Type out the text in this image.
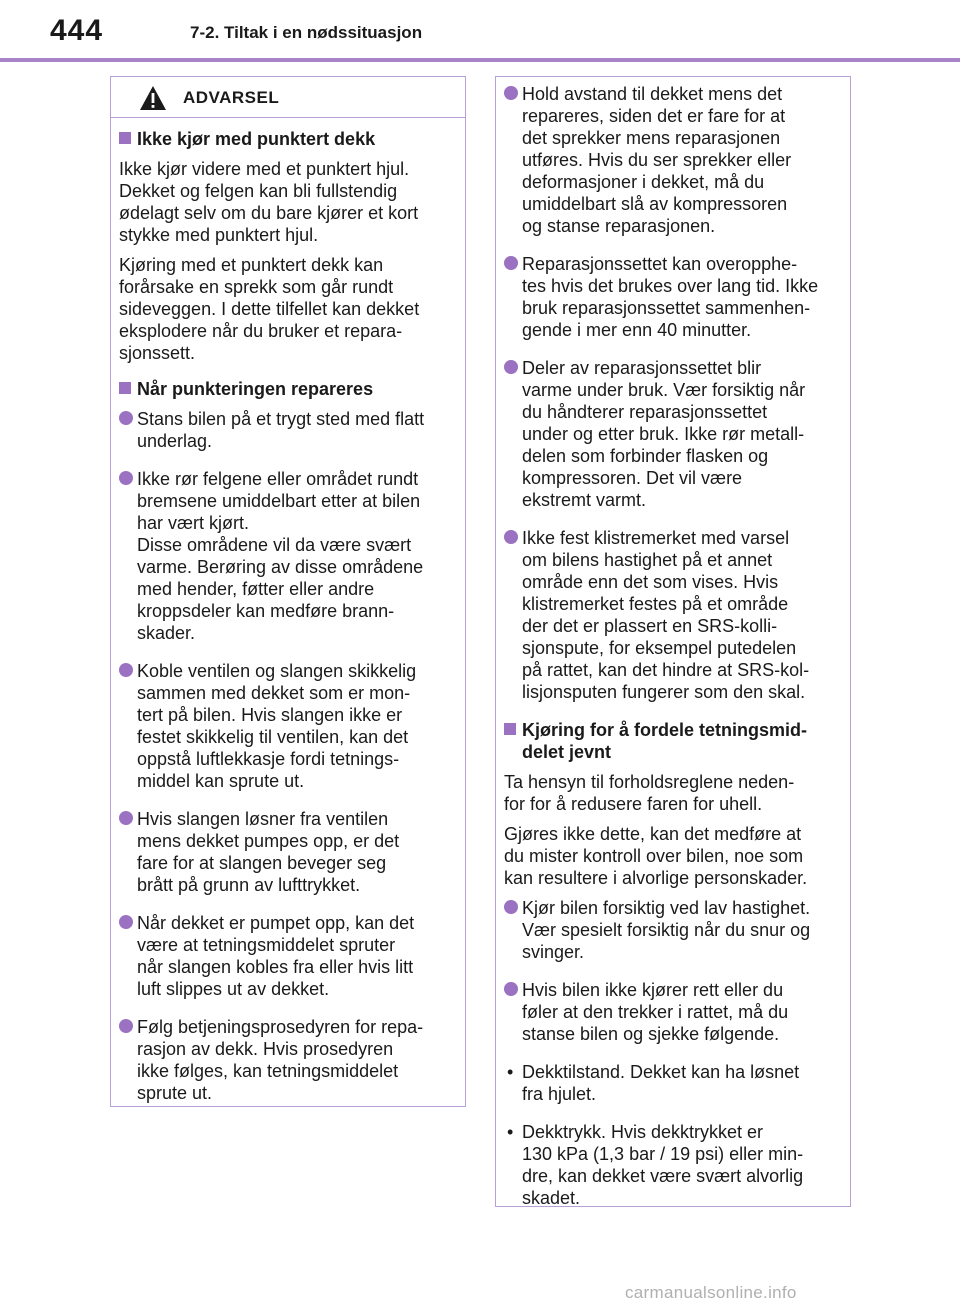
444	7-2. Tiltak i en nødssituasjon
ADVARSEL
Ikke kjør med punktert dekk
Ikke kjør videre med et punktert hjul.
Dekket og felgen kan bli fullstendig
ødelagt selv om du bare kjører et kort
stykke med punktert hjul.
Kjøring med et punktert dekk kan
forårsake en sprekk som går rundt
sideveggen. I dette tilfellet kan dekket
eksplodere når du bruker et repara-
sjonssett.
Når punkteringen repareres
Stans bilen på et trygt sted med flatt
underlag.
Ikke rør felgene eller området rundt
bremsene umiddelbart etter at bilen
har vært kjørt.
Disse områdene vil da være svært
varme. Berøring av disse områdene
med hender, føtter eller andre
kroppsdeler kan medføre brann-
skader.
Koble ventilen og slangen skikkelig
sammen med dekket som er mon-
tert på bilen. Hvis slangen ikke er
festet skikkelig til ventilen, kan det
oppstå luftlekkasje fordi tetnings-
middel kan sprute ut.
Hvis slangen løsner fra ventilen
mens dekket pumpes opp, er det
fare for at slangen beveger seg
brått på grunn av lufttrykket.
Når dekket er pumpet opp, kan det
være at tetningsmiddelet spruter
når slangen kobles fra eller hvis litt
luft slippes ut av dekket.
Følg betjeningsprosedyren for repa-
rasjon av dekk. Hvis prosedyren
ikke følges, kan tetningsmiddelet
sprute ut.
Hold avstand til dekket mens det
repareres, siden det er fare for at
det sprekker mens reparasjonen
utføres. Hvis du ser sprekker eller
deformasjoner i dekket, må du
umiddelbart slå av kompressoren
og stanse reparasjonen.
Reparasjonssettet kan overopphe-
tes hvis det brukes over lang tid. Ikke
bruk reparasjonssettet sammenhen-
gende i mer enn 40 minutter.
Deler av reparasjonssettet blir
varme under bruk. Vær forsiktig når
du håndterer reparasjonssettet
under og etter bruk. Ikke rør metall-
delen som forbinder flasken og
kompressoren. Det vil være
ekstremt varmt.
Ikke fest klistremerket med varsel
om bilens hastighet på et annet
område enn det som vises. Hvis
klistremerket festes på et område
der det er plassert en SRS-kolli-
sjonspute, for eksempel putedelen
på rattet, kan det hindre at SRS-kol-
lisjonsputen fungerer som den skal.
Kjøring for å fordele tetningsmid-
delet jevnt
Ta hensyn til forholdsreglene neden-
for for å redusere faren for uhell.
Gjøres ikke dette, kan det medføre at
du mister kontroll over bilen, noe som
kan resultere i alvorlige personskader.
Kjør bilen forsiktig ved lav hastighet.
Vær spesielt forsiktig når du snur og
svinger.
Hvis bilen ikke kjører rett eller du
føler at den trekker i rattet, må du
stanse bilen og sjekke følgende.
• Dekktilstand. Dekket kan ha løsnet
fra hjulet.
• Dekktrykk. Hvis dekktrykket er
130 kPa (1,3 bar / 19 psi) eller min-
dre, kan dekket være svært alvorlig
skadet.
carmanualsonline.info
